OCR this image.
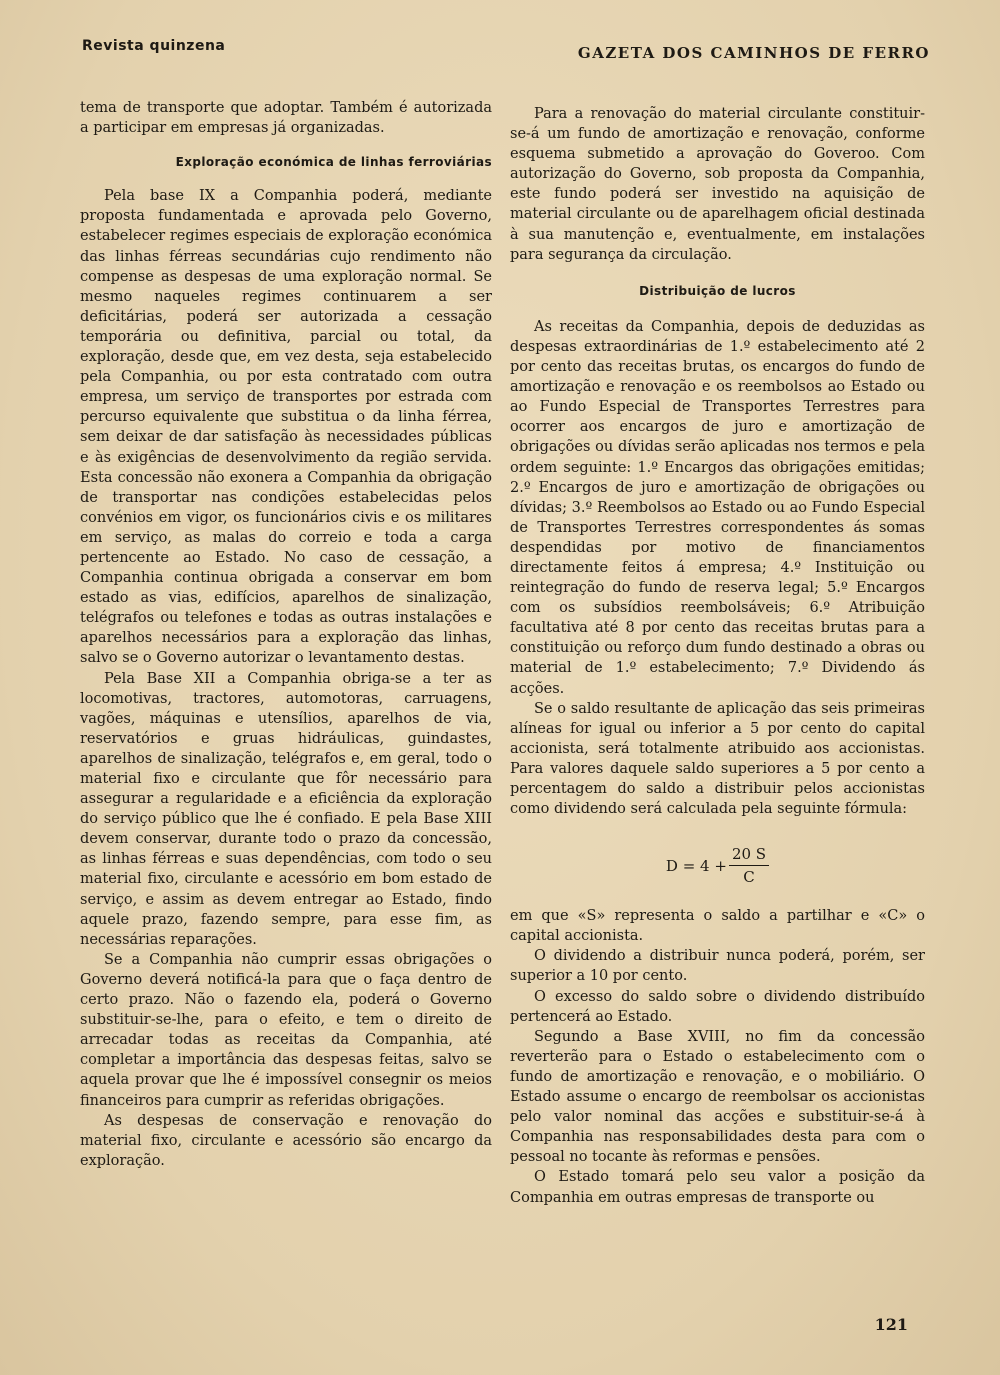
Revista quinzena	GAZETA DOS CAMINHOS DE FERRO

tema de transporte que adoptar. Também é autorizada a participar em empresas já organizadas.

Exploração económica de linhas ferroviárias

Pela base IX a Companhia poderá, mediante proposta fundamentada e aprovada pelo Governo, estabelecer regimes especiais de exploração económica das linhas férreas secundárias cujo rendimento não compense as despesas de uma exploração normal. Se mesmo naqueles regimes continuarem a ser deficitárias, poderá ser autorizada a cessação temporária ou definitiva, parcial ou total, da exploração, desde que, em vez desta, seja estabelecido pela Companhia, ou por esta contratado com outra empresa, um serviço de transportes por estrada com percurso equivalente que substitua o da linha férrea, sem deixar de dar satisfação às necessidades públicas e às exigências de desenvolvimento da região servida. Esta concessão não exonera a Companhia da obrigação de transportar nas condições estabelecidas pelos convénios em vigor, os funcionários civis e os militares em serviço, as malas do correio e toda a carga pertencente ao Estado. No caso de cessação, a Companhia continua obrigada a conservar em bom estado as vias, edifícios, aparelhos de sinalização, telégrafos ou telefones e todas as outras instalações e aparelhos necessários para a exploração das linhas, salvo se o Governo autorizar o levantamento destas.

Pela Base XII a Companhia obriga-se a ter as locomotivas, tractores, automotoras, carruagens, vagões, máquinas e utensílios, aparelhos de via, reservatórios e gruas hidráulicas, guindastes, aparelhos de sinalização, telégrafos e, em geral, todo o material fixo e circulante que fôr necessário para assegurar a regularidade e a eficiência da exploração do serviço público que lhe é confiado. E pela Base XIII devem conservar, durante todo o prazo da concessão, as linhas férreas e suas dependências, com todo o seu material fixo, circulante e acessório em bom estado de serviço, e assim as devem entregar ao Estado, findo aquele prazo, fazendo sempre, para esse fim, as necessárias reparações.

Se a Companhia não cumprir essas obrigações o Governo deverá notificá-la para que o faça dentro de certo prazo. Não o fazendo ela, poderá o Governo substituir-se-lhe, para o efeito, e tem o direito de arrecadar todas as receitas da Companhia, até completar a importância das despesas feitas, salvo se aquela provar que lhe é impossível consegnir os meios financeiros para cumprir as referidas obrigações.

As despesas de conservação e renovação do material fixo, circulante e acessório são encargo da exploração.

Para a renovação do material circulante constituir-se-á um fundo de amortização e renovação, conforme esquema submetido a aprovação do Goveroo. Com autorização do Governo, sob proposta da Companhia, este fundo poderá ser investido na aquisição de material circulante ou de aparelhagem oficial destinada à sua manutenção e, eventualmente, em instalações para segurança da circulação.

Distribuição de lucros

As receitas da Companhia, depois de deduzidas as despesas extraordinárias de 1.º estabelecimento até 2 por cento das receitas brutas, os encargos do fundo de amortização e renovação e os reembolsos ao Estado ou ao Fundo Especial de Transportes Terrestres para ocorrer aos encargos de juro e amortização de obrigações ou dívidas serão aplicadas nos termos e pela ordem seguinte: 1.º Encargos das obrigações emitidas; 2.º Encargos de juro e amortização de obrigações ou dívidas; 3.º Reembolsos ao Estado ou ao Fundo Especial de Transportes Terrestres correspondentes ás somas despendidas por motivo de financiamentos directamente feitos á empresa; 4.º Instituição ou reintegração do fundo de reserva legal; 5.º Encargos com os subsídios reembolsáveis; 6.º Atribuição facultativa até 8 por cento das receitas brutas para a constituição ou reforço dum fundo destinado a obras ou material de 1.º estabelecimento; 7.º Dividendo ás acções.

Se o saldo resultante de aplicação das seis primeiras alíneas for igual ou inferior a 5 por cento do capital accionista, será totalmente atribuido aos accionistas. Para valores daquele saldo superiores a 5 por cento a percentagem do saldo a distribuir pelos accionistas como dividendo será calculada pela seguinte fórmula:

$D = 4 + \frac{20 S}{C}$

em que «S» representa o saldo a partilhar e «C» o capital accionista.

O dividendo a distribuir nunca poderá, porém, ser superior a 10 por cento.

O excesso do saldo sobre o dividendo distribuído pertencerá ao Estado.

Segundo a Base XVIII, no fim da concessão reverterão para o Estado o estabelecimento com o fundo de amortização e renovação, e o mobiliário. O Estado assume o encargo de reembolsar os accionistas pelo valor nominal das acções e substituir-se-á à Companhia nas responsabilidades desta para com o pessoal no tocante às reformas e pensões.

O Estado tomará pelo seu valor a posição da Companhia em outras empresas de transporte ou

121
